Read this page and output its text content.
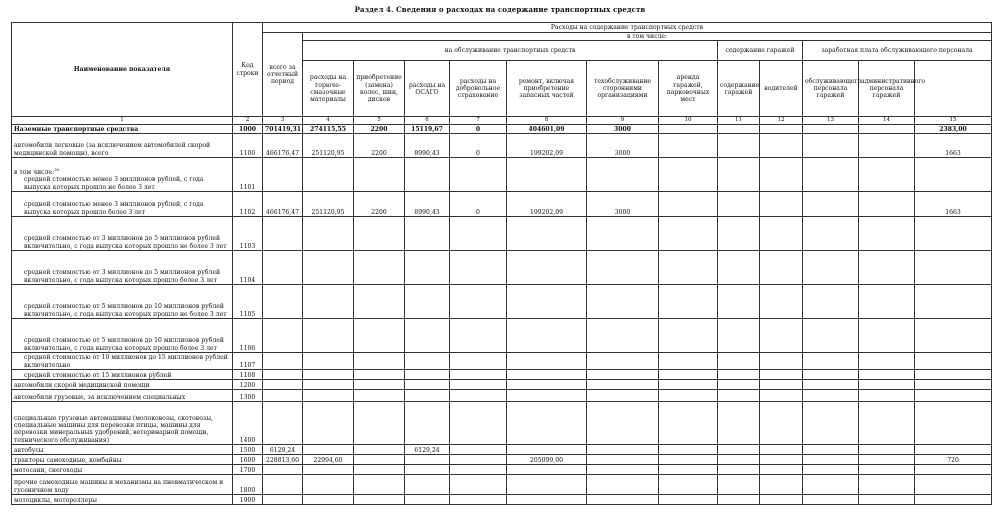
Раздел 4. Сведения о расходах на содержание транспортных средств
Наименование показателя	Код строки	Расходы на содержание транспортных средств													
		всего за отчетный период	в том числе:												
			на обслуживание транспортных средств							содержание гаражей		заработная плата обслуживающего персонала	
			расходы на горюче-смазочные материалы	приобретение (замена) колес, шин, дисков	расходы на ОСАГО	расходы на добровольное страхование	ремонт, включая приобретение запасных частей	техобслуживание сторонними организациями	аренда гаражей, парковочных мест	содержание гаражей	водителей	обслуживающего персонала гаражей	административного персонала гаражей		
1	2	3	4	5	6	7	8	9	10	11	12	13	14	15	
Наземные транспортные средства	1000	701419,31	274115,55	2200	15119,67	0	404601,09	3000						2383,00	
автомобили легковые (за исключением автомобилей скорой медицинской помощи), всего	1100	466176,47	251120,95	2200	8990,43	0	199202,09	3000						1663	

в том числе:$^{30}$
средней стоимостью менее 3 миллионов рублей, с года выпуска которых прошло не более 3 лет	1101														
средней стоимостью менее 3 миллионов рублей, с года выпуска которых прошло более 3 лет	1102	466176,47	251120,95	2200	8990,43	0	199202,09	3000						1663	
средней стоимостью от 3 миллионов до 5 миллионов рублей включительно, с года выпуска которых прошло не более 3 лет	1103														
средней стоимостью от 3 миллионов до 5 миллионов рублей включительно, с года выпуска которых прошло более 3 лет	1104														
средней стоимостью от 5 миллионов до 10 миллионов рублей включительно, с года выпуска которых прошло не более 3 лет	1105														
средней стоимостью от 5 миллионов до 10 миллионов рублей включительно, с года выпуска которых прошло более 3 лет	1106														
средней стоимостью от 10 миллионов до 15 миллионов рублей включительно	1107														
средней стоимостью от 15 миллионов рублей	1108														
автомобили скорой медицинской помощи	1200														
автомобили грузовые, за исключением специальных	1300														
специальные грузовые автомашины (молоковозы, скотовозы, специальные машины для перевозки птицы, машины для перевозки минеральных удобрений, ветеринарной помощи, технического обслуживания)	1400														
автобусы	1500	6129,24			6129,24										
тракторы самоходные, комбайны	1600	228813,60	22994,60				205099,00							720	
мотосани, снегоходы	1700														
прочие самоходные машины и механизмы на пневматическом и гусеничном ходу	1800														
мотоциклы, мотороллеры	1900														
